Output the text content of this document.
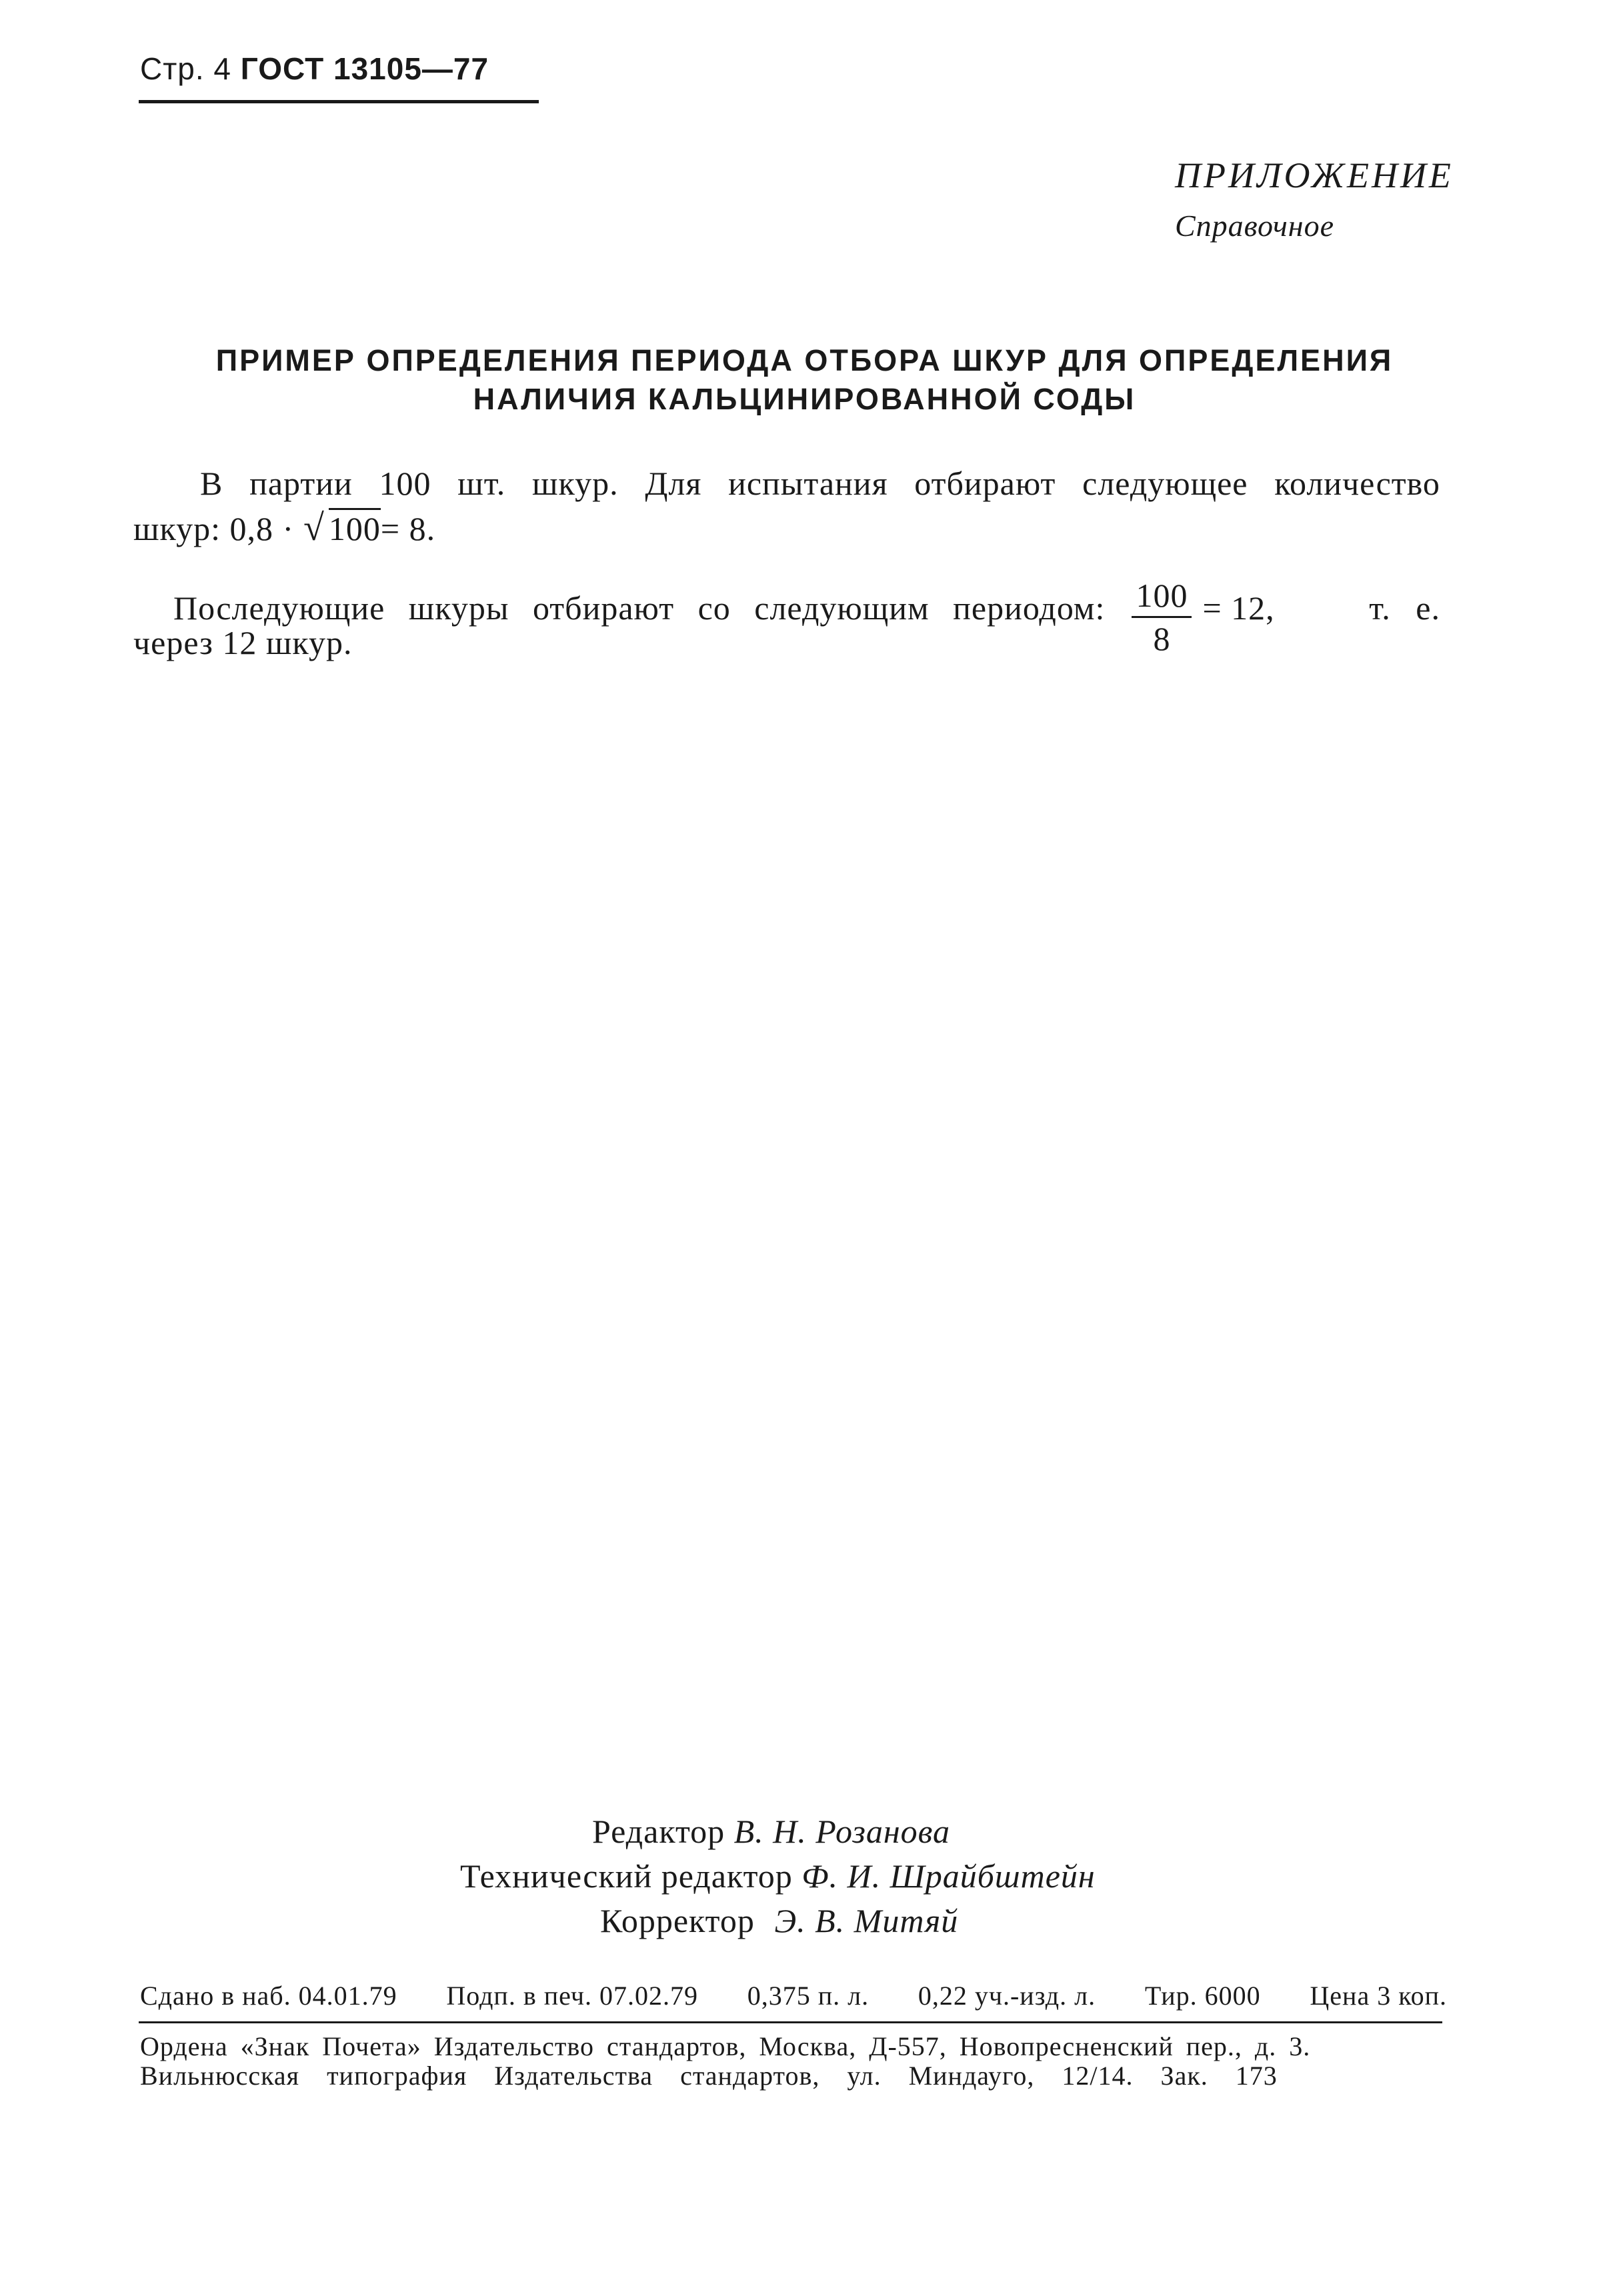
Стр. 4 ГОСТ 13105—77
ПРИЛОЖЕНИЕ
Справочное
ПРИМЕР ОПРЕДЕЛЕНИЯ ПЕРИОДА ОТБОРА ШКУР ДЛЯ ОПРЕДЕЛЕНИЯ
НАЛИЧИЯ КАЛЬЦИНИРОВАННОЙ СОДЫ
В партии 100 шт. шкур. Для испытания отбирают следующее количество
шкур: 0,8 · √ 100= 8.
Последующие шкуры отбирают со следующим периодом: $\frac{100}{8} = 12$,	т. е.
через 12 шкур.
Редактор В. Н. Розанова
Технический редактор Ф. И. Шрайбштейн
Корректор Э. В. Митяй
Сдано в наб. 04.01.79 Подп. в печ. 07.02.79 0,375 п. л. 0,22 уч.-изд. л. Тир. 6000 Цена 3 коп.
Ордена «Знак Почета» Издательство стандартов, Москва, Д-557, Новопресненский пер., д. 3.
Вильнюсская типография Издательства стандартов, ул. Миндауго, 12/14. Зак. 173
